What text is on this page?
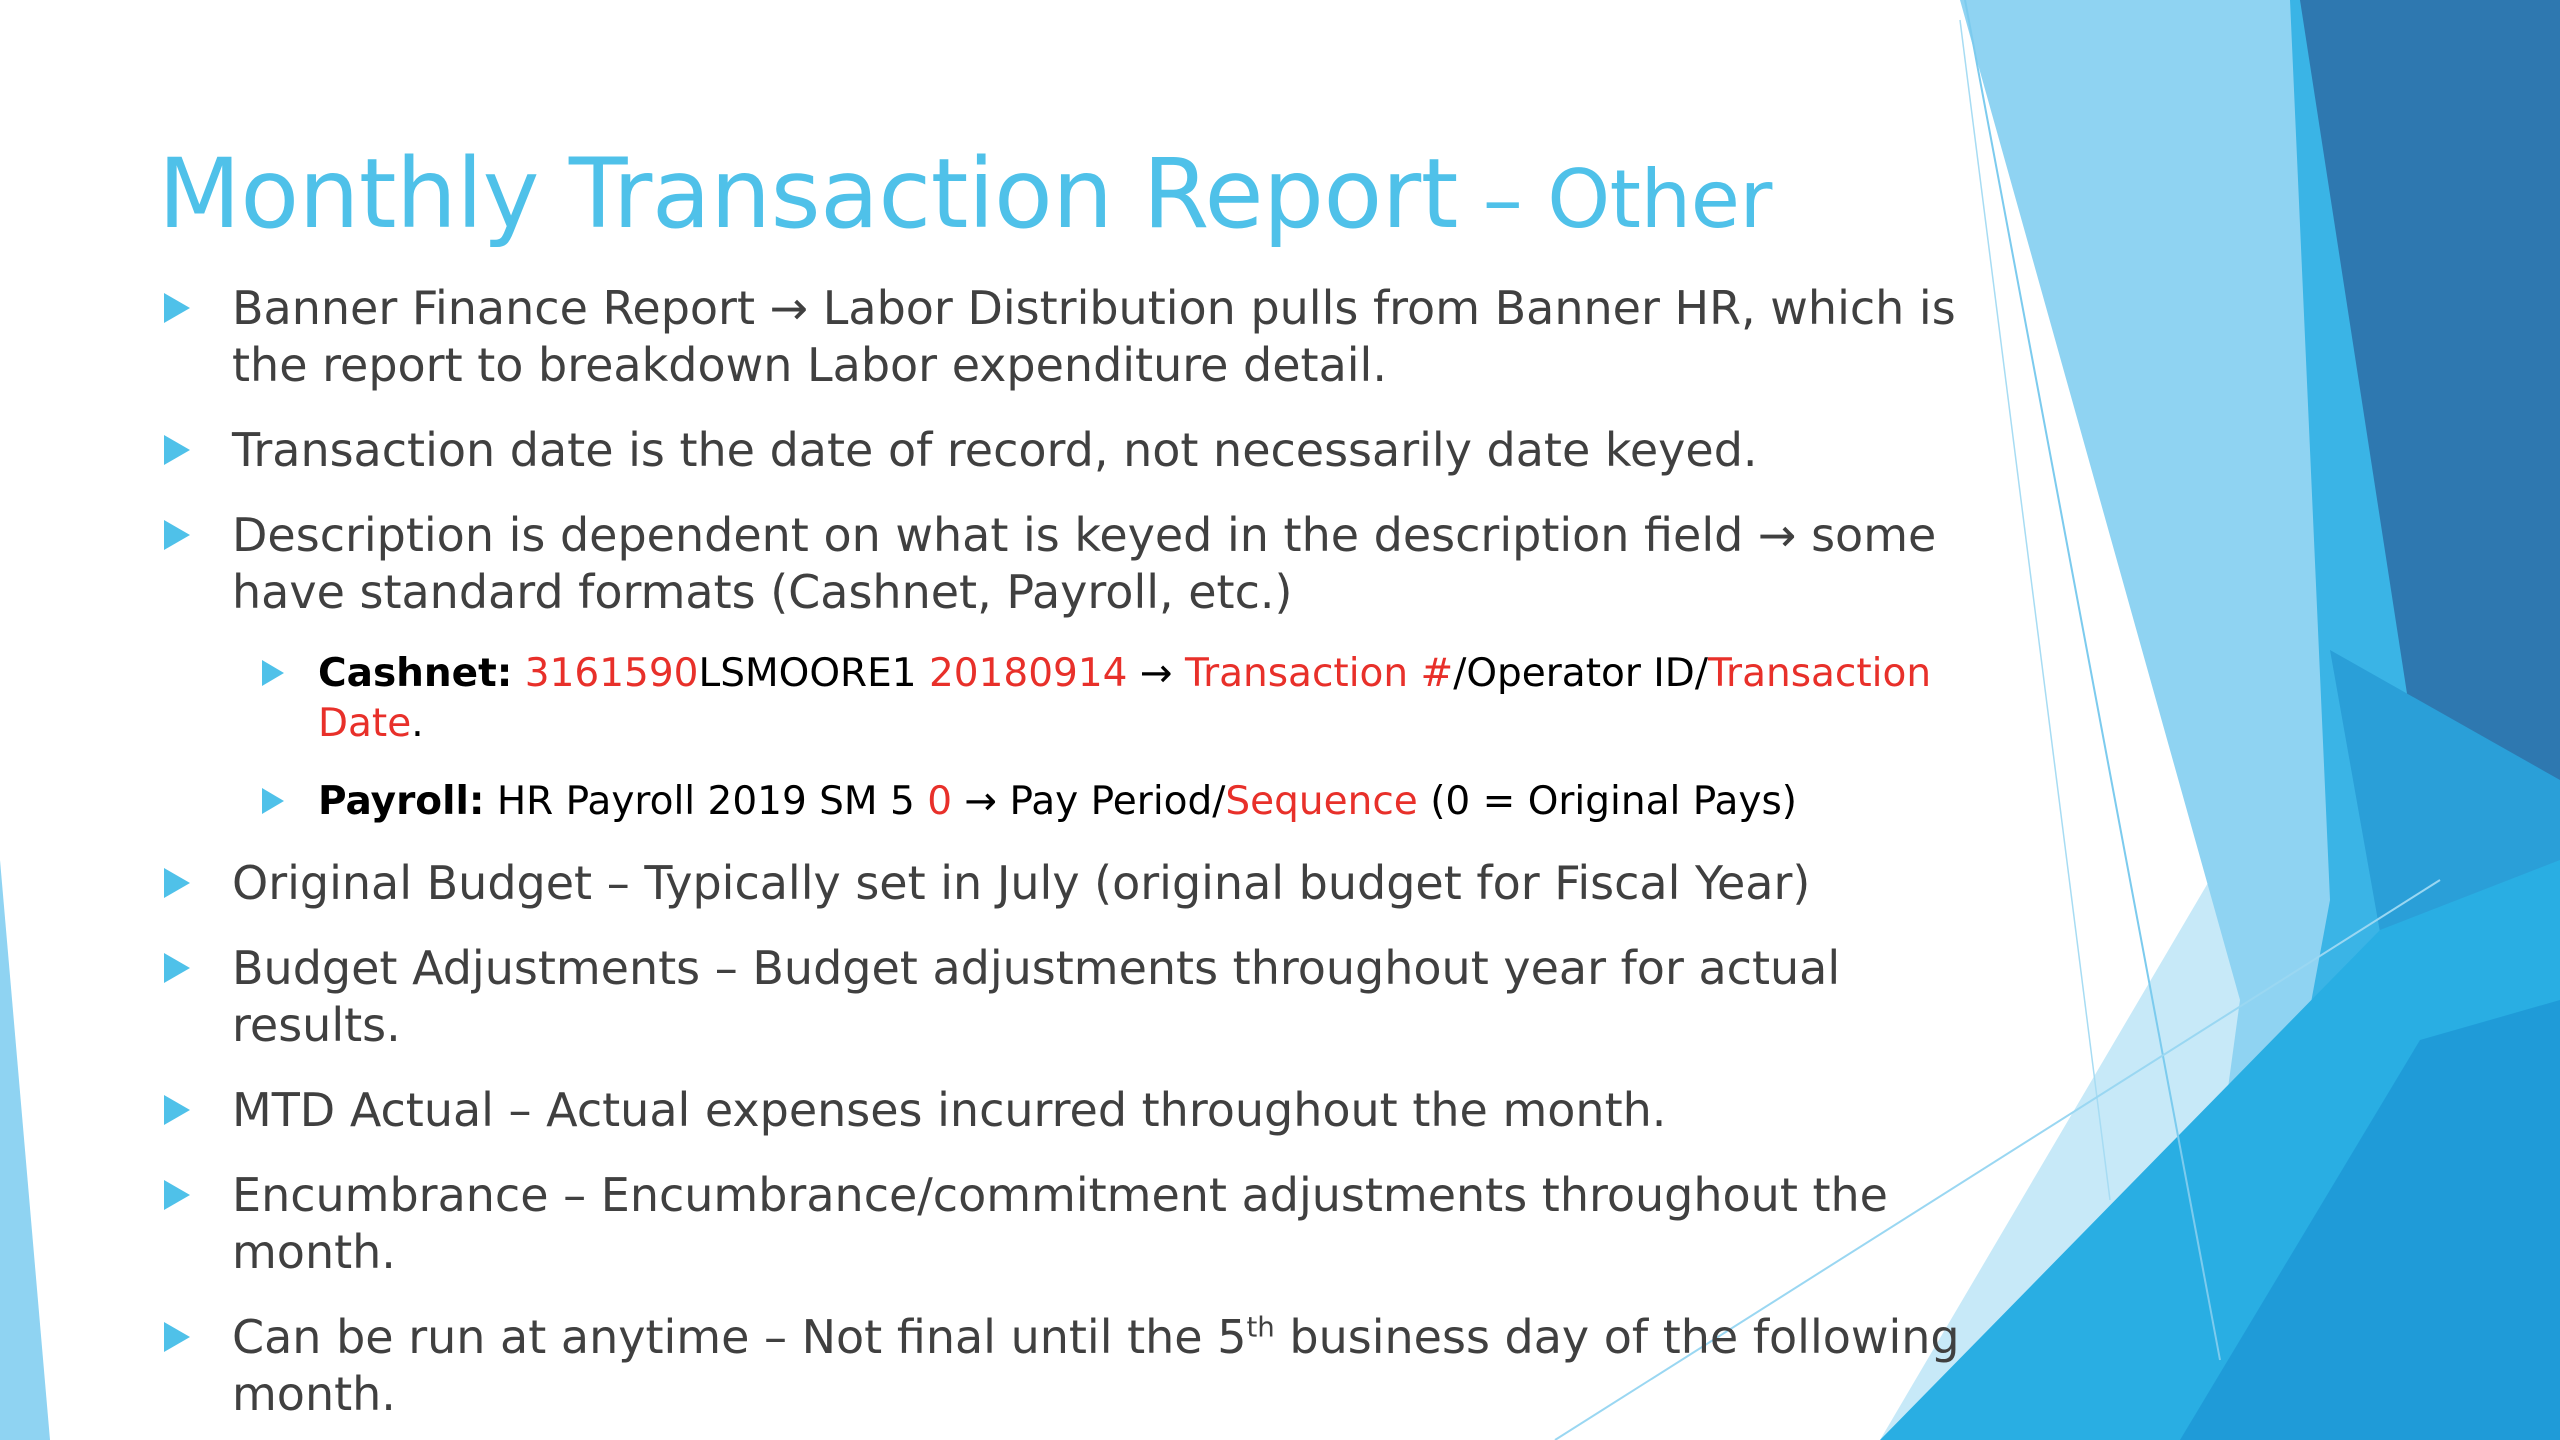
Monthly Transaction Report – Other
Banner Finance Report → Labor Distribution pulls from Banner HR, which is the report to breakdown Labor expenditure detail.
Transaction date is the date of record, not necessarily date keyed.
Description is dependent on what is keyed in the description field → some have standard formats (Cashnet, Payroll, etc.)
Cashnet: 3161590LSMOORE1 20180914 → Transaction #/Operator ID/Transaction Date.
Payroll: HR Payroll 2019 SM 5 0 → Pay Period/Sequence (0 = Original Pays)
Original Budget – Typically set in July (original budget for Fiscal Year)
Budget Adjustments – Budget adjustments throughout year for actual results.
MTD Actual – Actual expenses incurred throughout the month.
Encumbrance – Encumbrance/commitment adjustments throughout the month.
Can be run at anytime – Not final until the 5th business day of the following month.
